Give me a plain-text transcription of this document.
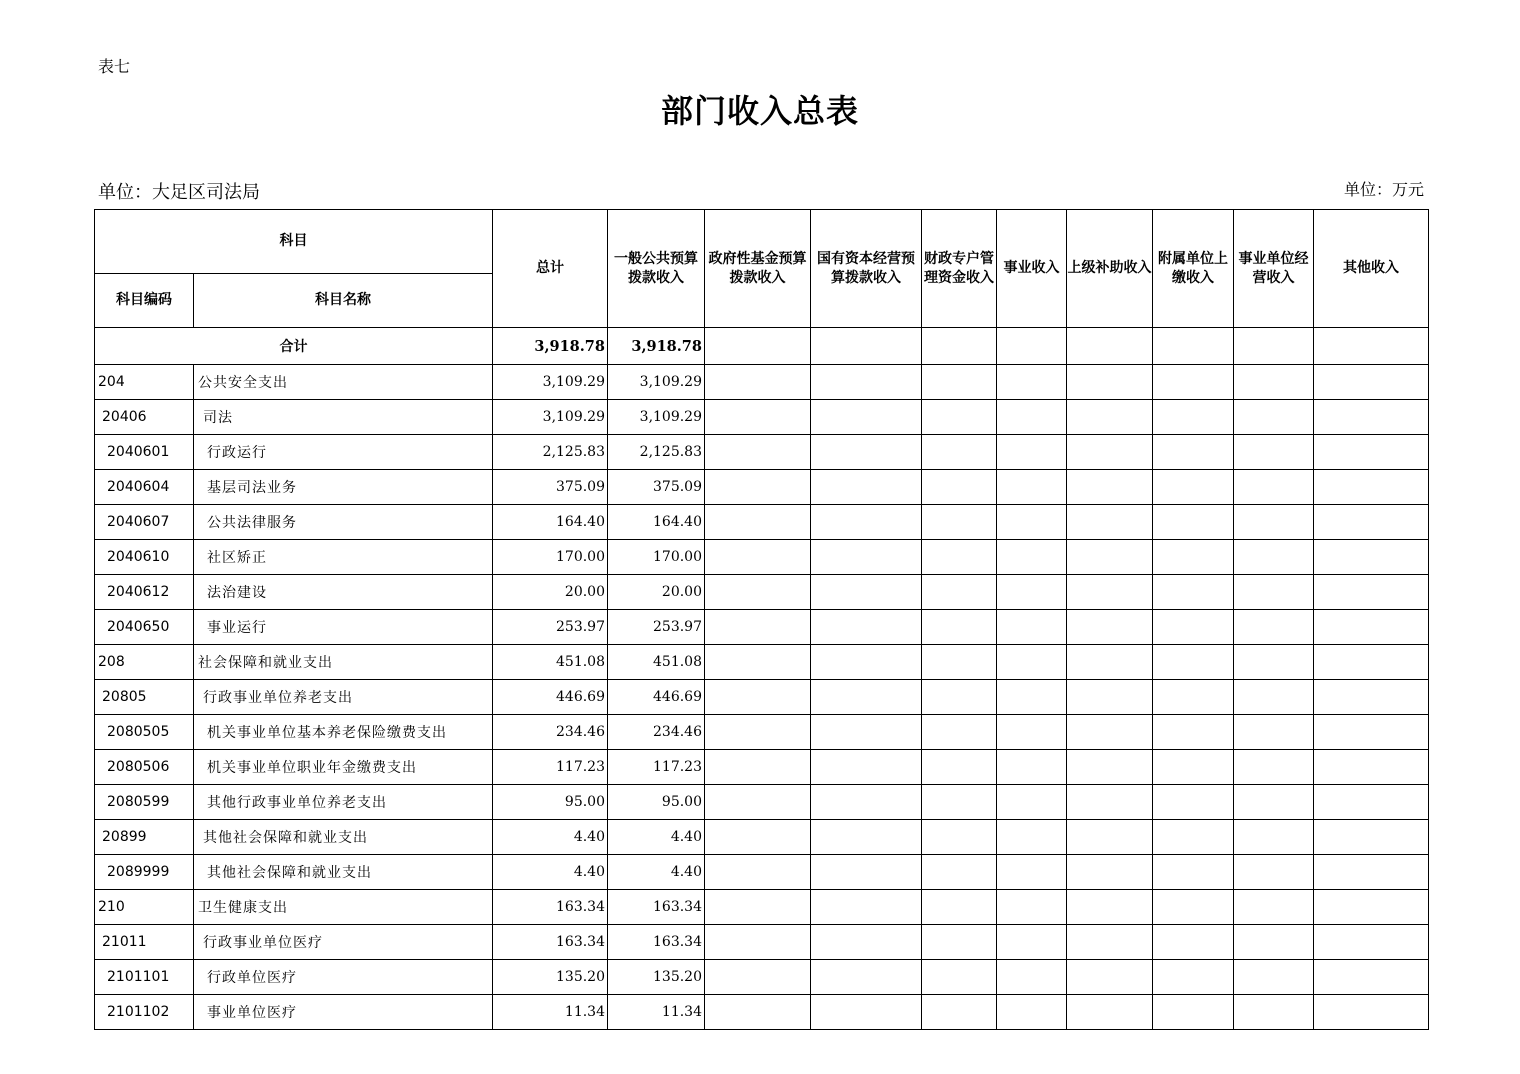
表七
部门收入总表
单位：大足区司法局	单位：万元
科目		总计	一般公共预算拨款收入	政府性基金预算拨款收入	国有资本经营预算拨款收入	财政专户管理资金收入	事业收入	上级补助收入	附属单位上缴收入	事业单位经营收入	其他收入
科目编码	科目名称										
合计		3,918.78	3,918.78								
204	公共安全支出	3,109.29	3,109.29								
20406	司法	3,109.29	3,109.29								
2040601	行政运行	2,125.83	2,125.83								
2040604	基层司法业务	375.09	375.09								
2040607	公共法律服务	164.40	164.40								
2040610	社区矫正	170.00	170.00								
2040612	法治建设	20.00	20.00								
2040650	事业运行	253.97	253.97								
208	社会保障和就业支出	451.08	451.08								
20805	行政事业单位养老支出	446.69	446.69								
2080505	机关事业单位基本养老保险缴费支出	234.46	234.46								
2080506	机关事业单位职业年金缴费支出	117.23	117.23								
2080599	其他行政事业单位养老支出	95.00	95.00								
20899	其他社会保障和就业支出	4.40	4.40								
2089999	其他社会保障和就业支出	4.40	4.40								
210	卫生健康支出	163.34	163.34								
21011	行政事业单位医疗	163.34	163.34								
2101101	行政单位医疗	135.20	135.20								
2101102	事业单位医疗	11.34	11.34								
